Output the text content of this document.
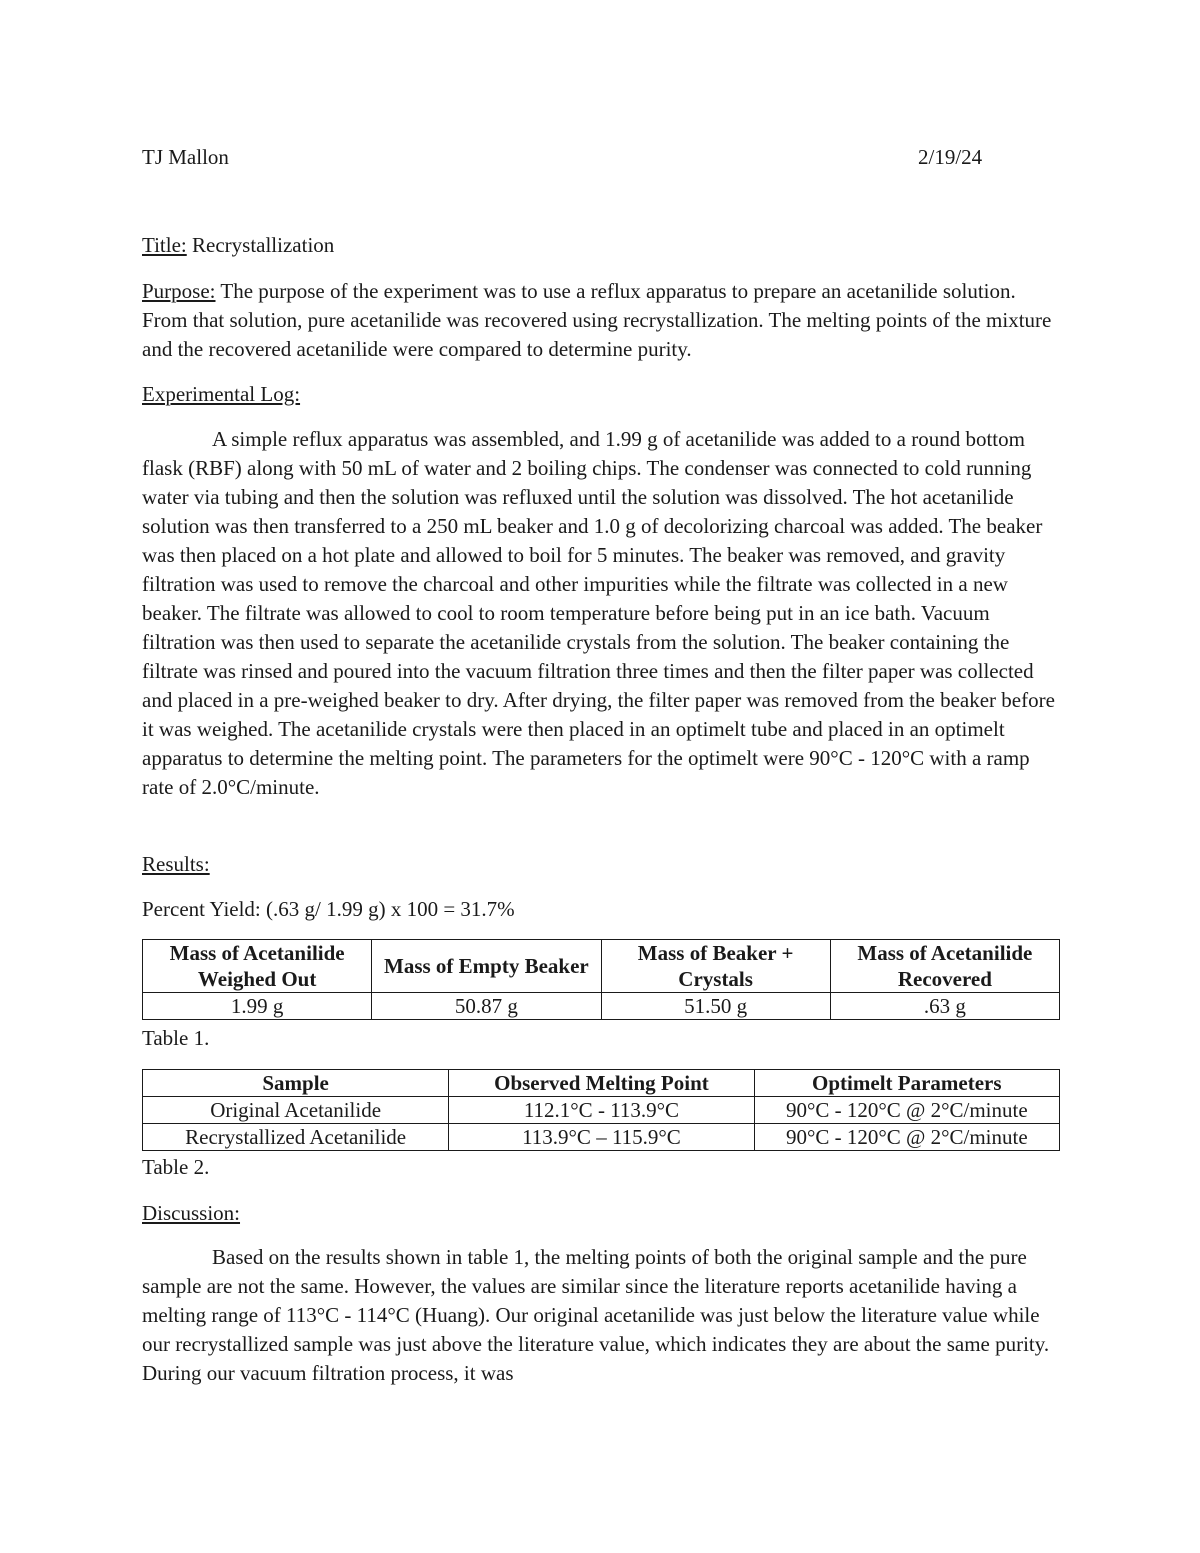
TJ Mallon	2/19/24
Title: Recrystallization

Purpose: The purpose of the experiment was to use a reflux apparatus to prepare an acetanilide solution. From that solution, pure acetanilide was recovered using recrystallization. The melting points of the mixture and the recovered acetanilide were compared to determine purity.

Experimental Log:

A simple reflux apparatus was assembled, and 1.99 g of acetanilide was added to a round bottom flask (RBF) along with 50 mL of water and 2 boiling chips. The condenser was connected to cold running water via tubing and then the solution was refluxed until the solution was dissolved. The hot acetanilide solution was then transferred to a 250 mL beaker and 1.0 g of decolorizing charcoal was added. The beaker was then placed on a hot plate and allowed to boil for 5 minutes. The beaker was removed, and gravity filtration was used to remove the charcoal and other impurities while the filtrate was collected in a new beaker. The filtrate was allowed to cool to room temperature before being put in an ice bath. Vacuum filtration was then used to separate the acetanilide crystals from the solution. The beaker containing the filtrate was rinsed and poured into the vacuum filtration three times and then the filter paper was collected and placed in a pre-weighed beaker to dry. After drying, the filter paper was removed from the beaker before it was weighed. The acetanilide crystals were then placed in an optimelt tube and placed in an optimelt apparatus to determine the melting point. The parameters for the optimelt were 90°C - 120°C with a ramp rate of 2.0°C/minute.

Results:
Percent Yield: (.63 g/ 1.99 g) x 100 = 31.7%
Mass of Acetanilide Weighed Out	Mass of Empty Beaker	Mass of Beaker + Crystals	Mass of Acetanilide Recovered
1.99 g	50.87 g	51.50 g	.63 g
Table 1.
Sample	Observed Melting Point	Optimelt Parameters
Original Acetanilide	112.1°C - 113.9°C	90°C - 120°C @ 2°C/minute
Recrystallized Acetanilide	113.9°C – 115.9°C	90°C - 120°C @ 2°C/minute
Table 2.
Discussion:

Based on the results shown in table 1, the melting points of both the original sample and the pure sample are not the same. However, the values are similar since the literature reports acetanilide having a melting range of 113°C - 114°C (Huang). Our original acetanilide was just below the literature value while our recrystallized sample was just above the literature value, which indicates they are about the same purity. During our vacuum filtration process, it was
